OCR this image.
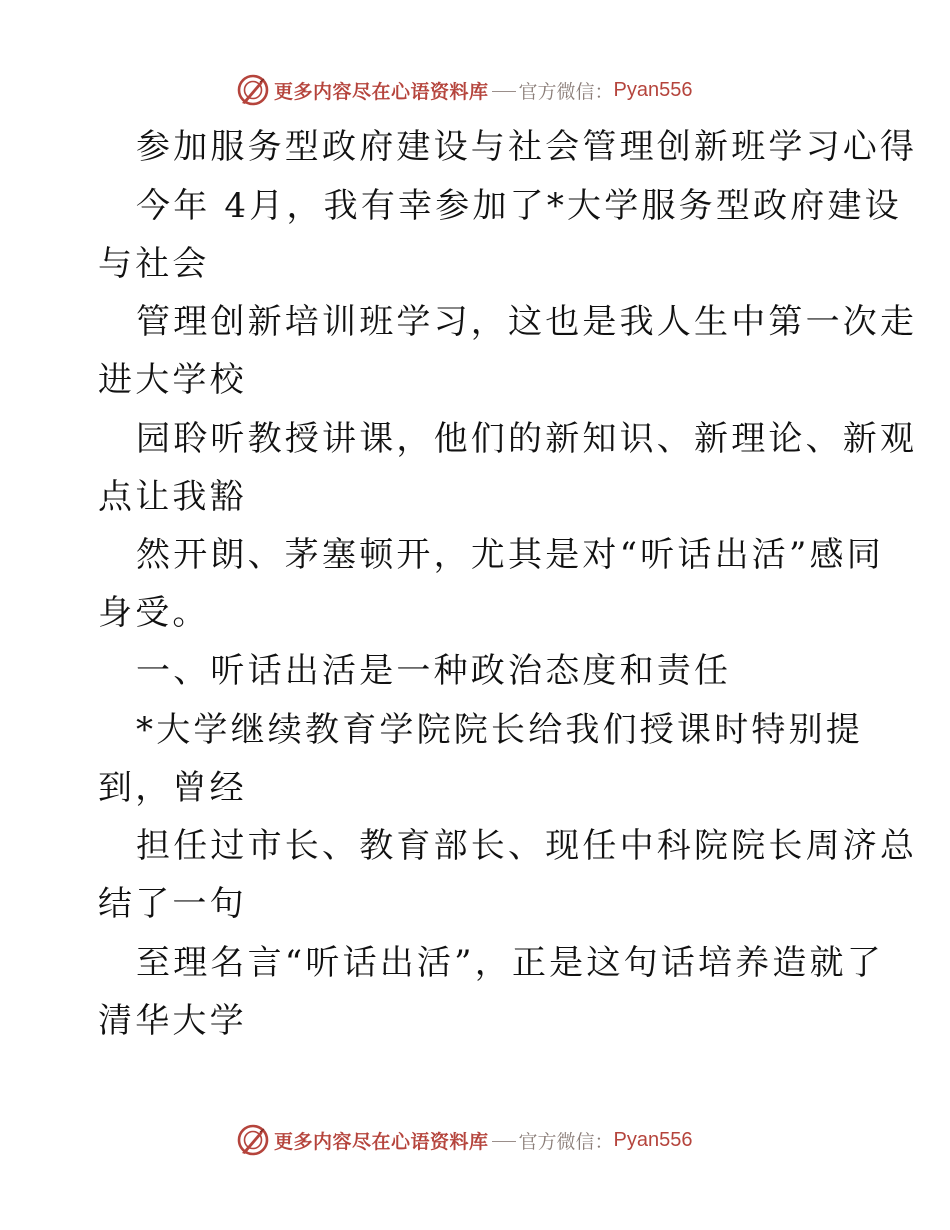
更多内容尽在心语资料库 官方微信： Pyan556
参加服务型政府建设与社会管理创新班学习心得
今年 4月，我有幸参加了*大学服务型政府建设
与社会
管理创新培训班学习，这也是我人生中第一次走
进大学校
园聆听教授讲课，他们的新知识、新理论、新观
点让我豁
然开朗、茅塞顿开，尤其是对“听话出活”感同
身受。
一、听话出活是一种政治态度和责任
*大学继续教育学院院长给我们授课时特别提
到，曾经
担任过市长、教育部长、现任中科院院长周济总
结了一句
至理名言“听话出活”，正是这句话培养造就了
清华大学
更多内容尽在心语资料库 官方微信： Pyan556
